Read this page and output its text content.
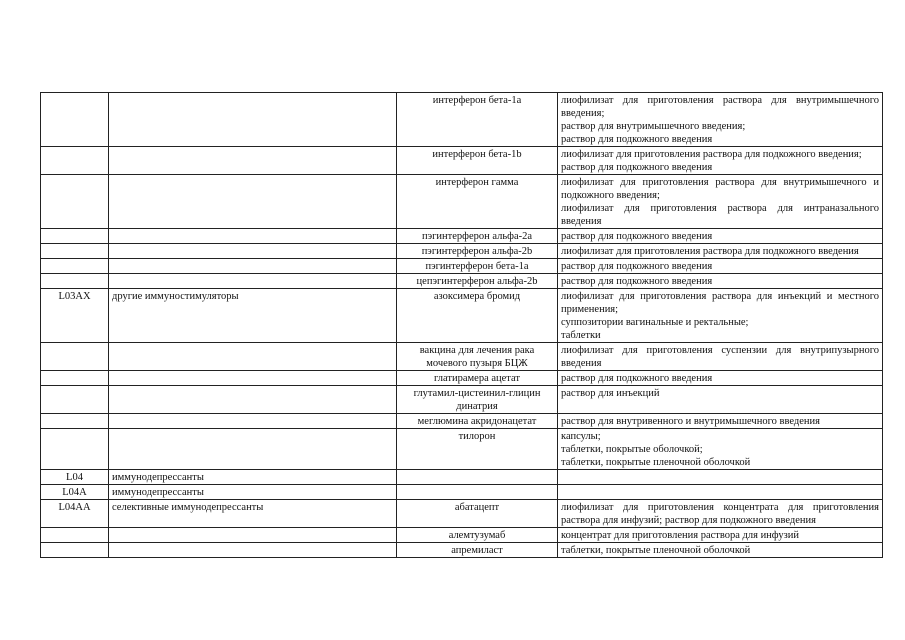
		интерферон бета-1a	лиофилизат для приготовления раствора для внутримышечного введения;
раствор для внутримышечного введения;
раствор для подкожного введения

		интерферон бета-1b	лиофилизат для приготовления раствора для подкожного введения;
раствор для подкожного введения

		интерферон гамма	лиофилизат для приготовления раствора для внутримышечного и подкожного введения;
лиофилизат для приготовления раствора для интраназального введения

		пэгинтерферон альфа-2a	раствор для подкожного введения

		пэгинтерферон альфа-2b	лиофилизат для приготовления раствора для подкожного введения

		пэгинтерферон бета-1a	раствор для подкожного введения

		цепэгинтерферон альфа-2b	раствор для подкожного введения

L03AX	другие иммуностимуляторы	азоксимера бромид	лиофилизат для приготовления раствора для инъекций и местного применения;
суппозитории вагинальные и ректальные;
таблетки

		вакцина для лечения рака мочевого пузыря БЦЖ	лиофилизат для приготовления суспензии для внутрипузырного введения

		глатирамера ацетат	раствор для подкожного введения

		глутамил-цистеинил-глицин динатрия	раствор для инъекций

		меглюмина акридонацетат	раствор для внутривенного и внутримышечного введения

		тилорон	капсулы;
таблетки, покрытые оболочкой;
таблетки, покрытые пленочной оболочкой

L04	иммунодепрессанты		
L04A	иммунодепрессанты		
L04AA	селективные иммунодепрессанты	абатацепт	лиофилизат для приготовления концентрата для приготовления раствора для инфузий; раствор для подкожного введения

		алемтузумаб	концентрат для приготовления раствора для инфузий

		апремиласт	таблетки, покрытые пленочной оболочкой
